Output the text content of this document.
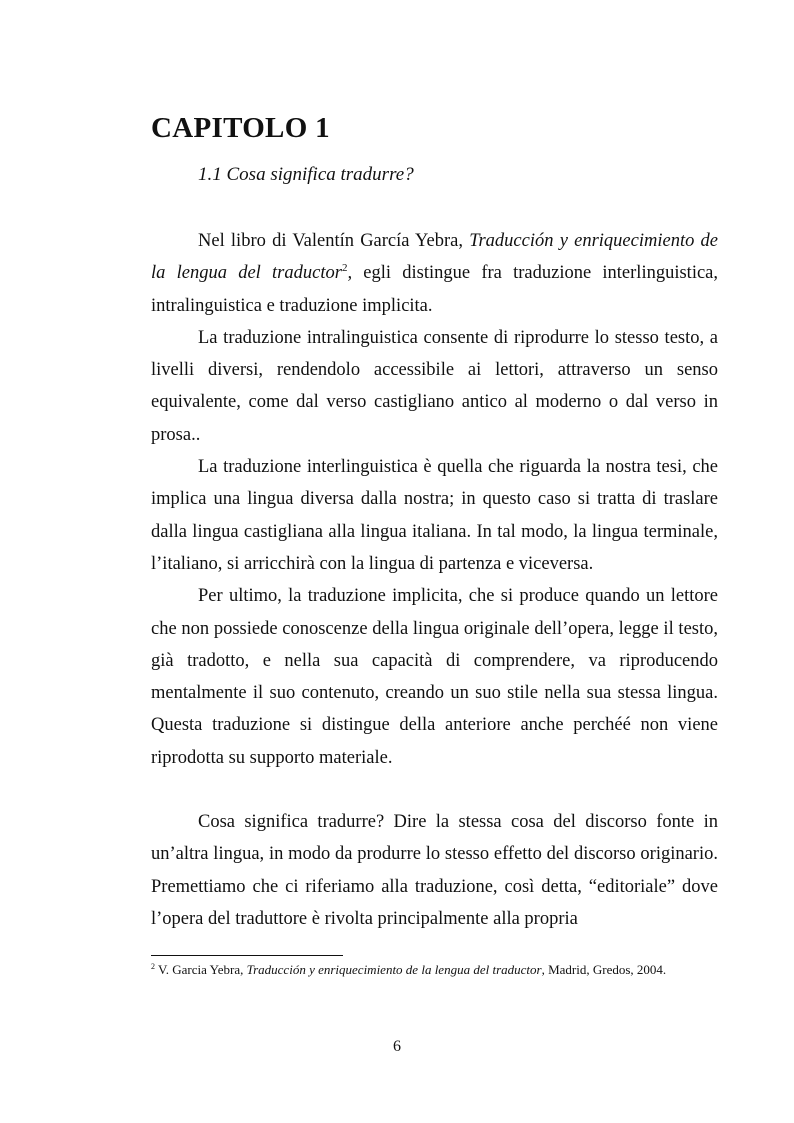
CAPITOLO 1
1.1 Cosa significa tradurre?

Nel libro di Valentín García Yebra, Traducción y enriquecimiento de la lengua del traductor$^2$, egli distingue fra traduzione interlinguistica, intralinguistica e traduzione implicita.

La traduzione intralinguistica consente di riprodurre lo stesso testo, a livelli diversi, rendendolo accessibile ai lettori, attraverso un senso equivalente, come dal verso castigliano antico al moderno o dal verso in prosa..

La traduzione interlinguistica è quella che riguarda la nostra tesi, che implica una lingua diversa dalla nostra; in questo caso si tratta di traslare dalla lingua castigliana alla lingua italiana. In tal modo, la lingua terminale, l’italiano, si arricchirà con la lingua di partenza e viceversa.

Per ultimo, la traduzione implicita, che si produce quando un lettore che non possiede conoscenze della lingua originale dell’opera, legge il testo, già tradotto, e nella sua capacità di comprendere, va riproducendo mentalmente il suo contenuto, creando un suo stile nella sua stessa lingua. Questa traduzione si distingue della anteriore anche perchéé non viene riprodotta su supporto materiale.

Cosa significa tradurre? Dire la stessa cosa del discorso fonte in un’altra lingua, in modo da produrre lo stesso effetto del discorso originario. Premettiamo che ci riferiamo alla traduzione, così detta, “editoriale” dove l’opera del traduttore è rivolta principalmente alla propria

$^2$ V. Garcia Yebra, Traducción y enriquecimiento de la lengua del traductor, Madrid, Gredos, 2004.

6
